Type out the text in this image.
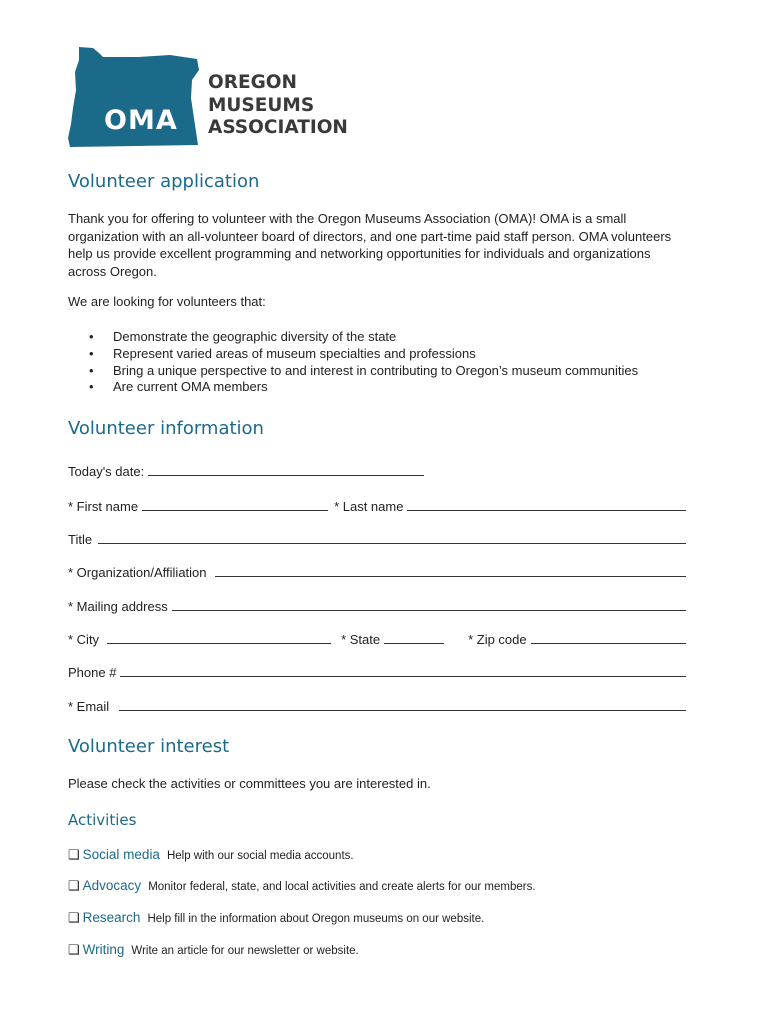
OMA
OREGON
MUSEUMS
ASSOCIATION
Volunteer application

Thank you for offering to volunteer with the Oregon Museums Association (OMA)! OMA is a small organization with an all-volunteer board of directors, and one part-time paid staff person. OMA volunteers help us provide excellent programming and networking opportunities for individuals and organizations across Oregon.

We are looking for volunteers that:

• Demonstrate the geographic diversity of the state
• Represent varied areas of museum specialties and professions
• Bring a unique perspective to and interest in contributing to Oregon’s museum communities
• Are current OMA members
Volunteer information
Today's date:
* First name	* Last name
Title
* Organization/Affiliation
* Mailing address
* City	* State	* Zip code
Phone #
* Email
Volunteer interest

Please check the activities or committees you are interested in.

Activities
❑ Social media Help with our social media accounts.
❑ Advocacy Monitor federal, state, and local activities and create alerts for our members.
❑ Research Help fill in the information about Oregon museums on our website.
❑ Writing Write an article for our newsletter or website.
